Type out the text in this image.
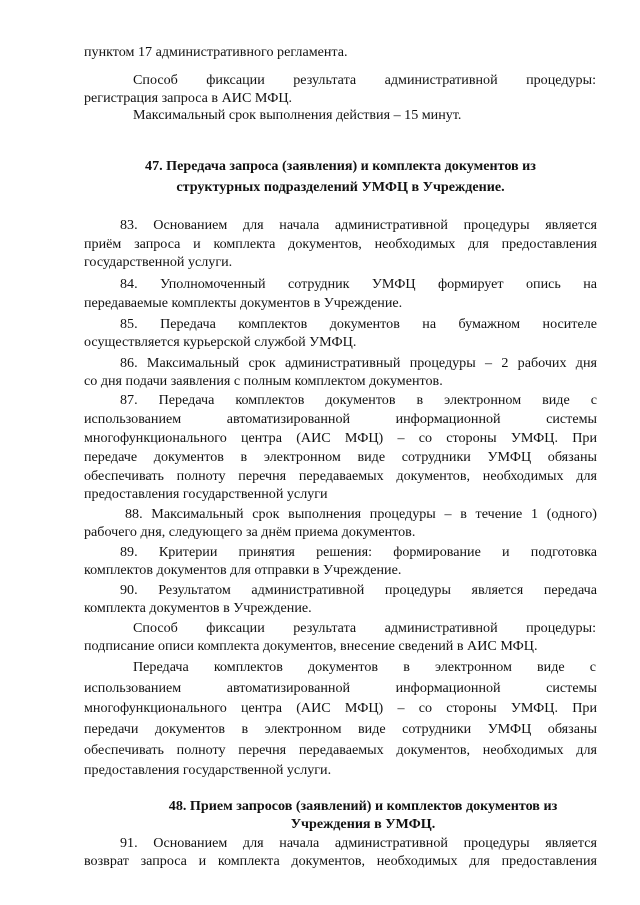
пунктом 17 административного регламента.
Способ фиксации результата административной процедуры:
регистрация запроса в АИС МФЦ.
Максимальный срок выполнения действия – 15 минут.
47. Передача запроса (заявления) и комплекта документов из
структурных подразделений УМФЦ в Учреждение.
83. Основанием для начала административной процедуры является
приём запроса и комплекта документов, необходимых для предоставления
государственной услуги.
84. Уполномоченный сотрудник УМФЦ формирует опись на
передаваемые комплекты документов в Учреждение.
85. Передача комплектов документов на бумажном носителе
осуществляется курьерской службой УМФЦ.
86. Максимальный срок административный процедуры – 2 рабочих дня
со дня подачи заявления с полным комплектом документов.
87. Передача комплектов документов в электронном виде с
использованием автоматизированной информационной системы
многофункционального центра (АИС МФЦ) – со стороны УМФЦ. При
передаче документов в электронном виде сотрудники УМФЦ обязаны
обеспечивать полноту перечня передаваемых документов, необходимых для
предоставления государственной услуги
88. Максимальный срок выполнения процедуры – в течение 1 (одного)
рабочего дня, следующего за днём приема документов.
89. Критерии принятия решения: формирование и подготовка
комплектов документов для отправки в Учреждение.
90. Результатом административной процедуры является передача
комплекта документов в Учреждение.
Способ фиксации результата административной процедуры:
подписание описи комплекта документов, внесение сведений в АИС МФЦ.
Передача комплектов документов в электронном виде с
использованием автоматизированной информационной системы
многофункционального центра (АИС МФЦ) – со стороны УМФЦ. При
передачи документов в электронном виде сотрудники УМФЦ обязаны
обеспечивать полноту перечня передаваемых документов, необходимых для
предоставления государственной услуги.
48. Прием запросов (заявлений) и комплектов документов из
Учреждения в УМФЦ.
91. Основанием для начала административной процедуры является
возврат запроса и комплекта документов, необходимых для предоставления
